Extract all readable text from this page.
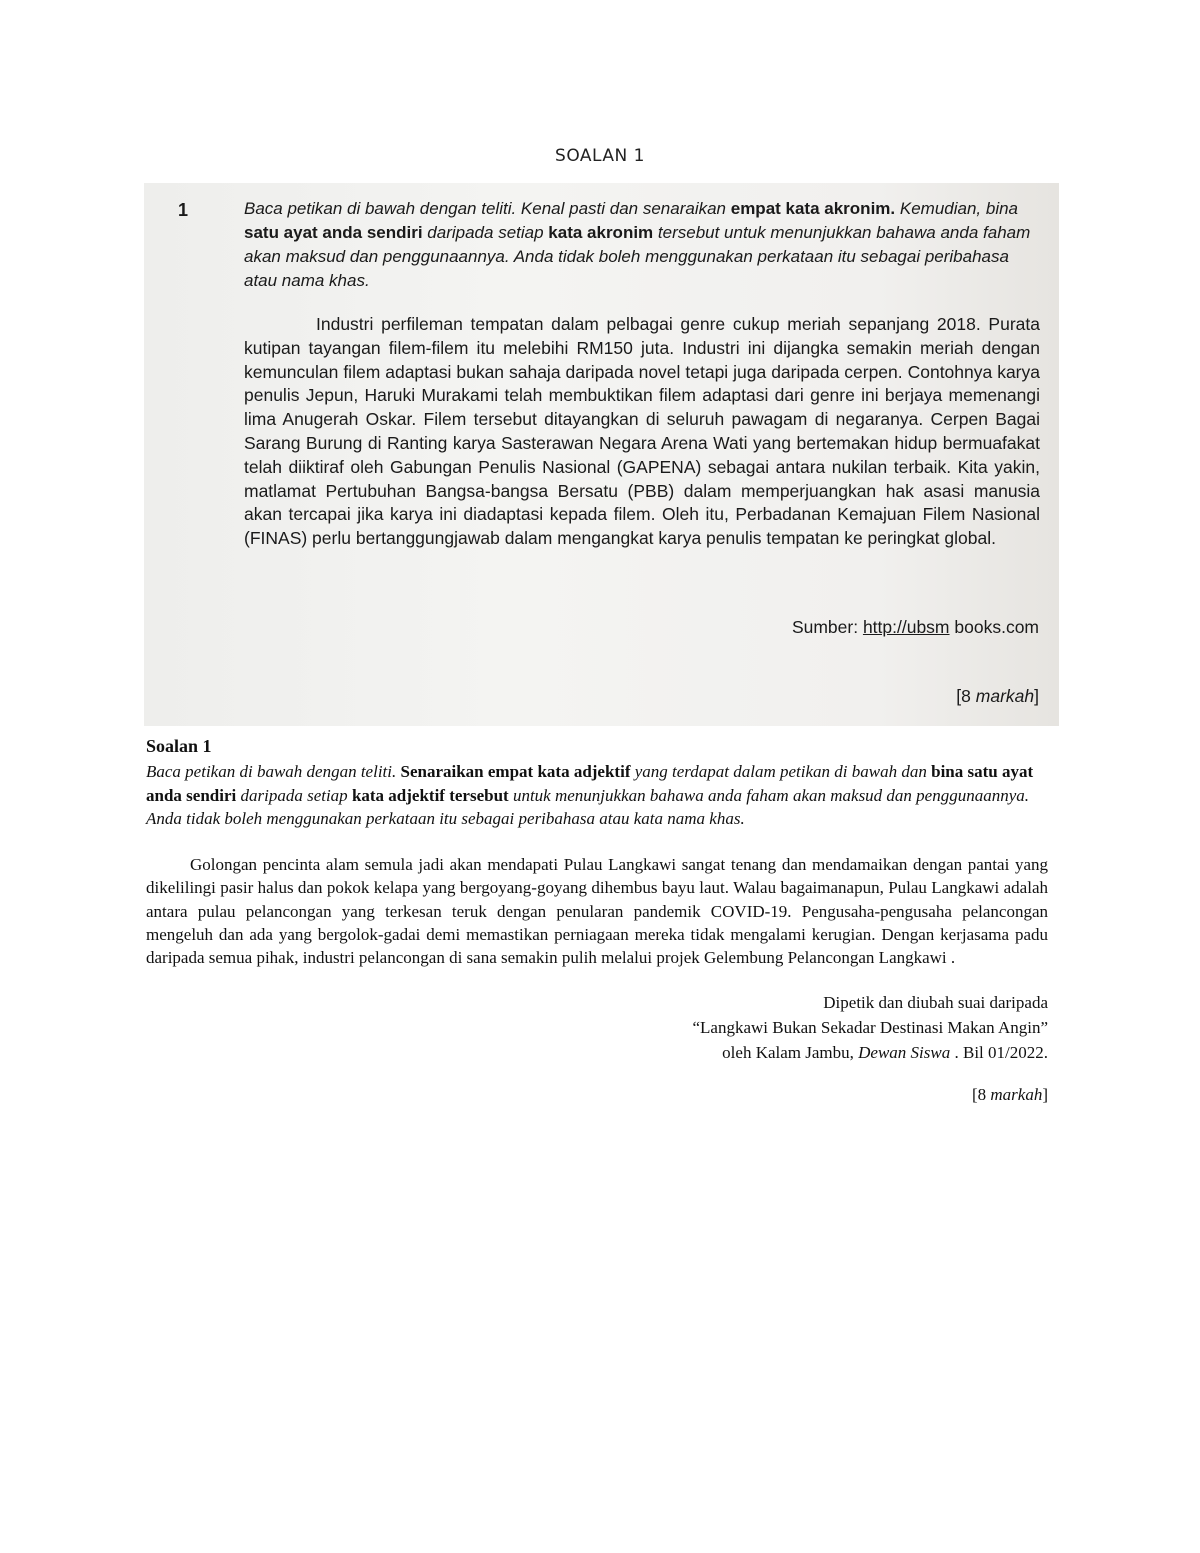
SOALAN 1
1	Baca petikan di bawah dengan teliti. Kenal pasti dan senaraikan empat kata akronim. Kemudian, bina satu ayat anda sendiri daripada setiap kata akronim tersebut untuk menunjukkan bahawa anda faham akan maksud dan penggunaannya. Anda tidak boleh menggunakan perkataan itu sebagai peribahasa atau nama khas.
Industri perfileman tempatan dalam pelbagai genre cukup meriah sepanjang 2018. Purata kutipan tayangan filem-filem itu melebihi RM150 juta. Industri ini dijangka semakin meriah dengan kemunculan filem adaptasi bukan sahaja daripada novel tetapi juga daripada cerpen. Contohnya karya penulis Jepun, Haruki Murakami telah membuktikan filem adaptasi dari genre ini berjaya memenangi lima Anugerah Oskar. Filem tersebut ditayangkan di seluruh pawagam di negaranya. Cerpen Bagai Sarang Burung di Ranting karya Sasterawan Negara Arena Wati yang bertemakan hidup bermuafakat telah diiktiraf oleh Gabungan Penulis Nasional (GAPENA) sebagai antara nukilan terbaik. Kita yakin, matlamat Pertubuhan Bangsa-bangsa Bersatu (PBB) dalam memperjuangkan hak asasi manusia akan tercapai jika karya ini diadaptasi kepada filem. Oleh itu, Perbadanan Kemajuan Filem Nasional (FINAS) perlu bertanggungjawab dalam mengangkat karya penulis tempatan ke peringkat global.
Sumber: http://ubsm books.com
[8 markah]
Soalan 1
Baca petikan di bawah dengan teliti. Senaraikan empat kata adjektif yang terdapat dalam petikan di bawah dan bina satu ayat anda sendiri daripada setiap kata adjektif tersebut untuk menunjukkan bahawa anda faham akan maksud dan penggunaannya. Anda tidak boleh menggunakan perkataan itu sebagai peribahasa atau kata nama khas.
Golongan pencinta alam semula jadi akan mendapati Pulau Langkawi sangat tenang dan mendamaikan dengan pantai yang dikelilingi pasir halus dan pokok kelapa yang bergoyang-goyang dihembus bayu laut. Walau bagaimanapun, Pulau Langkawi adalah antara pulau pelancongan yang terkesan teruk dengan penularan pandemik COVID-19. Pengusaha-pengusaha pelancongan mengeluh dan ada yang bergolok-gadai demi memastikan perniagaan mereka tidak mengalami kerugian. Dengan kerjasama padu daripada semua pihak, industri pelancongan di sana semakin pulih melalui projek Gelembung Pelancongan Langkawi .
Dipetik dan diubah suai daripada
“Langkawi Bukan Sekadar Destinasi Makan Angin”
oleh Kalam Jambu, Dewan Siswa . Bil 01/2022.
[8 markah]
